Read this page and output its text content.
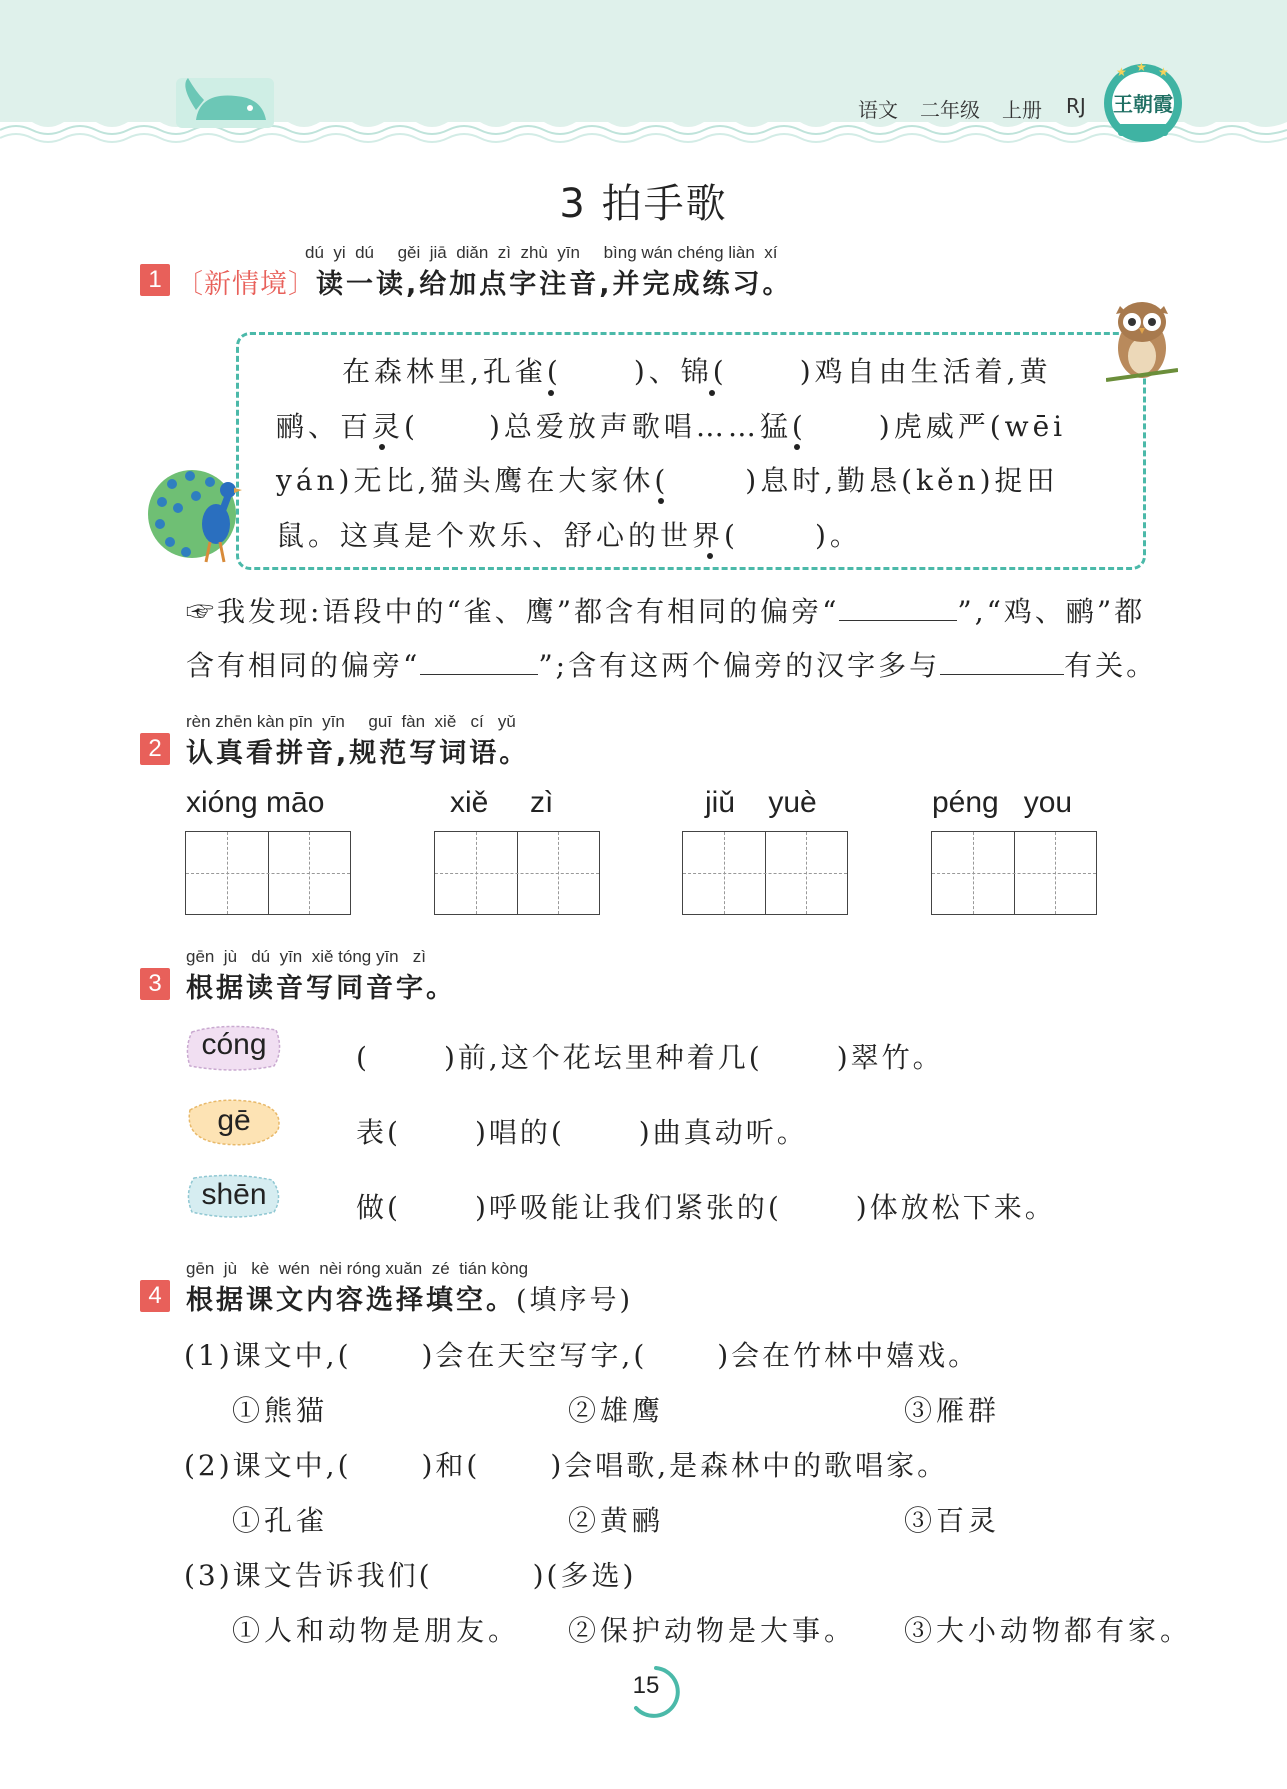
语文 二年级 上册 RJ
★ ★ ★
王朝霞
3 拍手歌
dú  yi  dú     gěi  jiā  diǎn  zì  zhù  yīn     bìng wán chéng liàn  xí
1 〔新情境〕读一读,给加点字注音,并完成练习。
在森林里,孔雀(	)、锦(	)鸡自由生活着,黄
鹂、百灵(	)总爱放声歌唱……猛(	)虎威严(wēi
yán)无比,猫头鹰在大家休(	)息时,勤恳(kěn)捉田
鼠。这真是个欢乐、舒心的世界(	)。
☞我发现:语段中的“雀、鹰”都含有相同的偏旁“	”,“鸡、鹂”都
含有相同的偏旁“	”;含有这两个偏旁的汉字多与	有关。
rèn zhēn kàn pīn  yīn     guī  fàn  xiě   cí   yǔ
2 认真看拼音,规范写词语。
xióng māo	xiě     zì	jiǔ    yuè	péng   you
gēn  jù   dú  yīn  xiě tóng yīn   zì
3 根据读音写同音字。
cóng	(	)前,这个花坛里种着几(	)翠竹。
gē	表(	)唱的(	)曲真动听。
shēn	做(	)呼吸能让我们紧张的(	)体放松下来。
gēn  jù   kè  wén  nèi róng xuǎn  zé  tián kòng
4 根据课文内容选择填空。(填序号)
(1)课文中,(	)会在天空写字,(	)会在竹林中嬉戏。
①熊猫	②雄鹰	③雁群
(2)课文中,(	)和(	)会唱歌,是森林中的歌唱家。
①孔雀	②黄鹂	③百灵
(3)课文告诉我们(	)(多选)
①人和动物是朋友。 ②保护动物是大事。 ③大小动物都有家。
15
